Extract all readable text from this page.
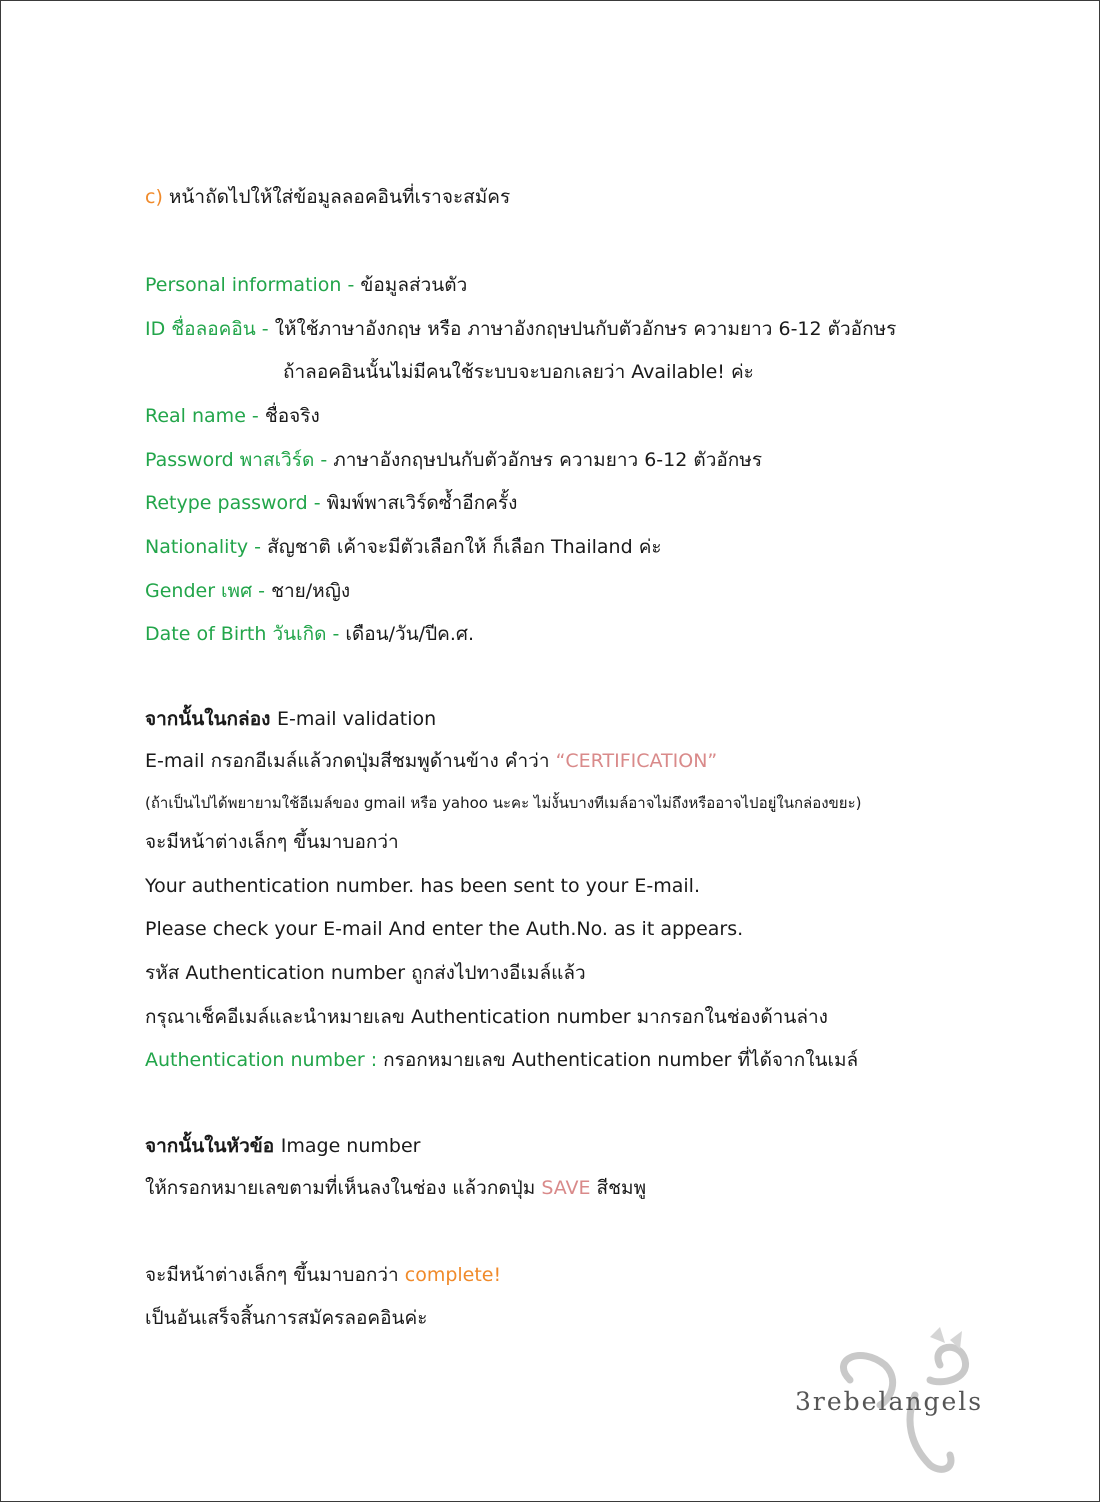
c) หน้าถัดไปให้ใส่ข้อมูลลอคอินที่เราจะสมัคร
Personal information - ข้อมูลส่วนตัว
ID ชื่อลอคอิน - ให้ใช้ภาษาอังกฤษ หรือ ภาษาอังกฤษปนกับตัวอักษร ความยาว 6-12 ตัวอักษร
ถ้าลอคอินนั้นไม่มีคนใช้ระบบจะบอกเลยว่า Available! ค่ะ
Real name - ชื่อจริง
Password พาสเวิร์ด - ภาษาอังกฤษปนกับตัวอักษร ความยาว 6-12 ตัวอักษร
Retype password - พิมพ์พาสเวิร์ดซ้ำอีกครั้ง
Nationality - สัญชาติ เค้าจะมีตัวเลือกให้ ก็เลือก Thailand ค่ะ
Gender เพศ - ชาย/หญิง
Date of Birth วันเกิด - เดือน/วัน/ปีค.ศ.
จากนั้นในกล่อง E-mail validation
E-mail กรอกอีเมล์แล้วกดปุ่มสีชมพูด้านข้าง คำว่า “CERTIFICATION”
(ถ้าเป็นไปได้พยายามใช้อีเมล์ของ gmail หรือ yahoo นะคะ ไม่งั้นบางทีเมล์อาจไม่ถึงหรืออาจไปอยู่ในกล่องขยะ)
จะมีหน้าต่างเล็กๆ ขึ้นมาบอกว่า
Your authentication number. has been sent to your E-mail.
Please check your E-mail And enter the Auth.No. as it appears.
รหัส Authentication number ถูกส่งไปทางอีเมล์แล้ว
กรุณาเช็คอีเมล์และนำหมายเลข Authentication number มากรอกในช่องด้านล่าง
Authentication number : กรอกหมายเลข Authentication number ที่ได้จากในเมล์
จากนั้นในหัวข้อ Image number
ให้กรอกหมายเลขตามที่เห็นลงในช่อง แล้วกดปุ่ม SAVE สีชมพู
จะมีหน้าต่างเล็กๆ ขึ้นมาบอกว่า complete!
เป็นอันเสร็จสิ้นการสมัครลอคอินค่ะ
3rebelangels
